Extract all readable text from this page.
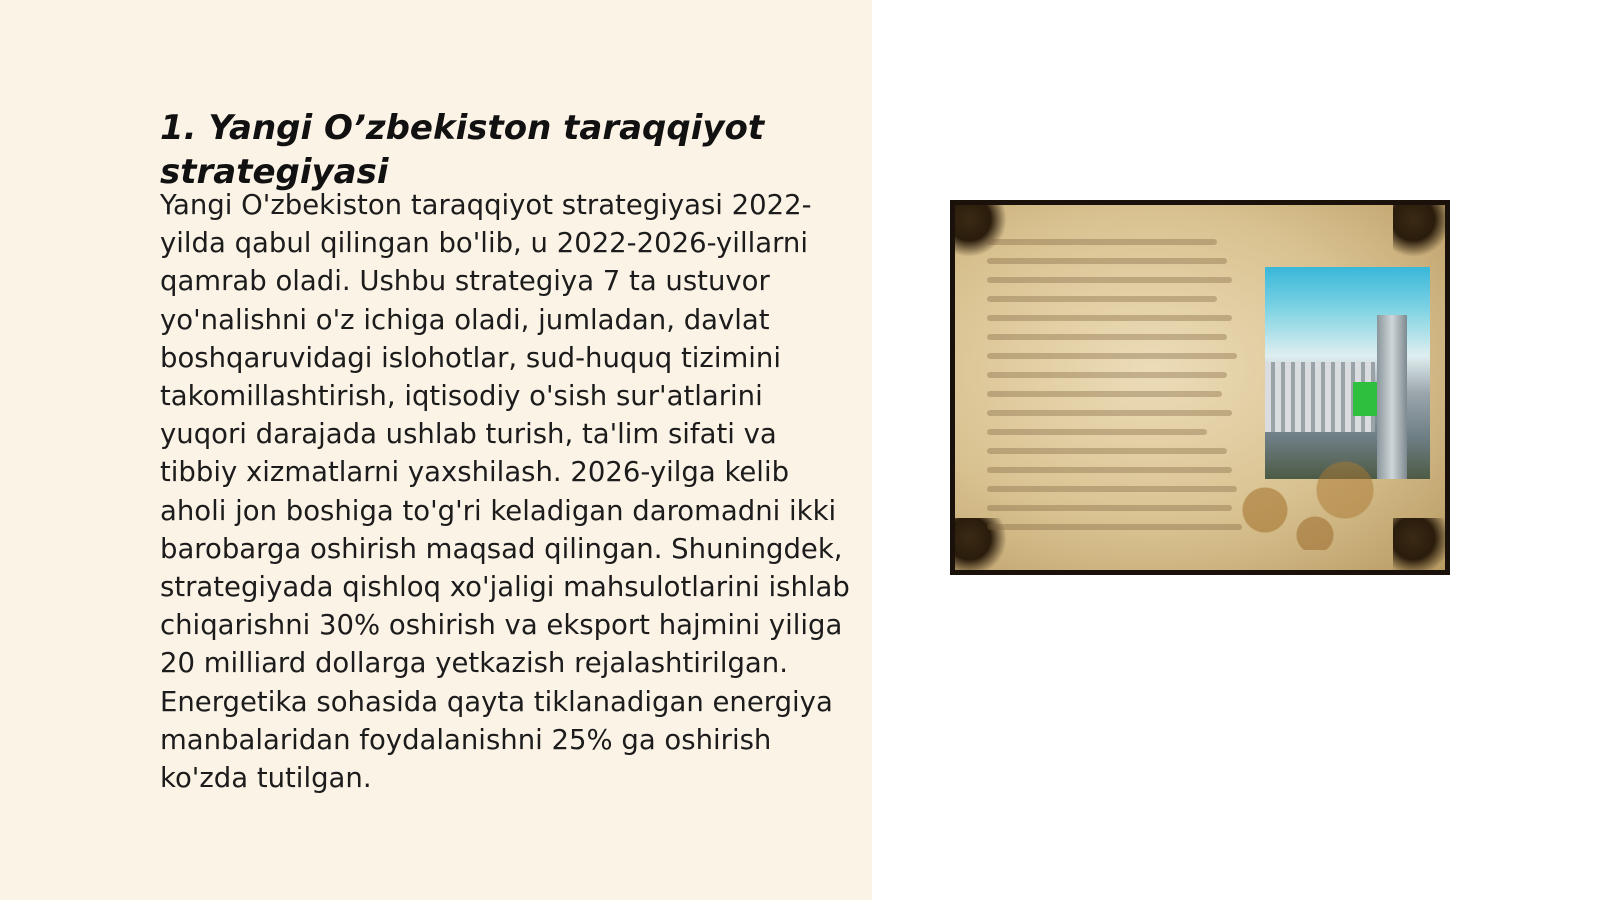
1. Yangi O’zbekiston taraqqiyot strategiyasi

Yangi O'zbekiston taraqqiyot strategiyasi 2022-yilda qabul qilingan bo'lib, u 2022-2026-yillarni qamrab oladi. Ushbu strategiya 7 ta ustuvor yo'nalishni o'z ichiga oladi, jumladan, davlat boshqaruvidagi islohotlar, sud-huquq tizimini takomillashtirish, iqtisodiy o'sish sur'atlarini yuqori darajada ushlab turish, ta'lim sifati va tibbiy xizmatlarni yaxshilash. 2026-yilga kelib aholi jon boshiga to'g'ri keladigan daromadni ikki barobarga oshirish maqsad qilingan. Shuningdek, strategiyada qishloq xo'jaligi mahsulotlarini ishlab chiqarishni 30% oshirish va eksport hajmini yiliga 20 milliard dollarga yetkazish rejalashtirilgan. Energetika sohasida qayta tiklanadigan energiya manbalaridan foydalanishni 25% ga oshirish ko'zda tutilgan.
